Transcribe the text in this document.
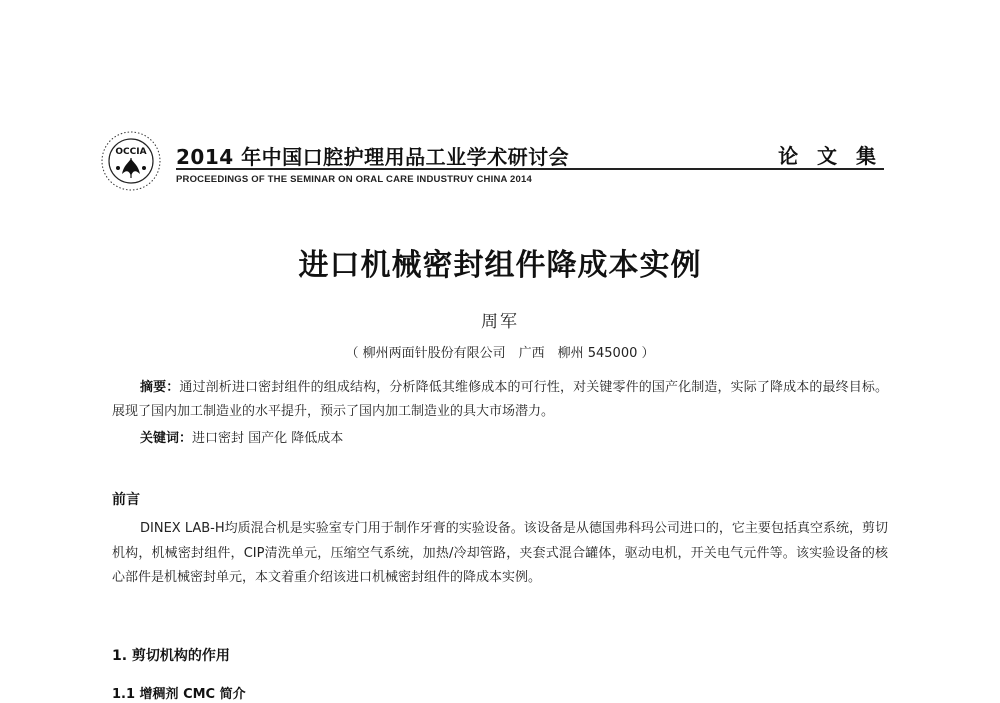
OCCIA 2014 年中国口腔护理用品工业学术研讨会	论 文 集
PROCEEDINGS OF THE SEMINAR ON ORAL CARE INDUSTRUY CHINA 2014
进口机械密封组件降成本实例
周军
（ 柳州两面针股份有限公司　广西　柳州 545000 ）
摘要：通过剖析进口密封组件的组成结构，分析降低其维修成本的可行性，对关键零件的国产化制造，实际了降成本的最终目标。展现了国内加工制造业的水平提升，预示了国内加工制造业的具大市场潜力。
关键词：进口密封 国产化 降低成本
前言
DINEX LAB-H均质混合机是实验室专门用于制作牙膏的实验设备。该设备是从德国弗科玛公司进口的，它主要包括真空系统，剪切机构，机械密封组件，CIP清洗单元，压缩空气系统，加热/冷却管路，夹套式混合罐体，驱动电机，开关电气元件等。该实验设备的核心部件是机械密封单元，本文着重介绍该进口机械密封组件的降成本实例。
1. 剪切机构的作用
1.1 增稠剂 CMC 简介
